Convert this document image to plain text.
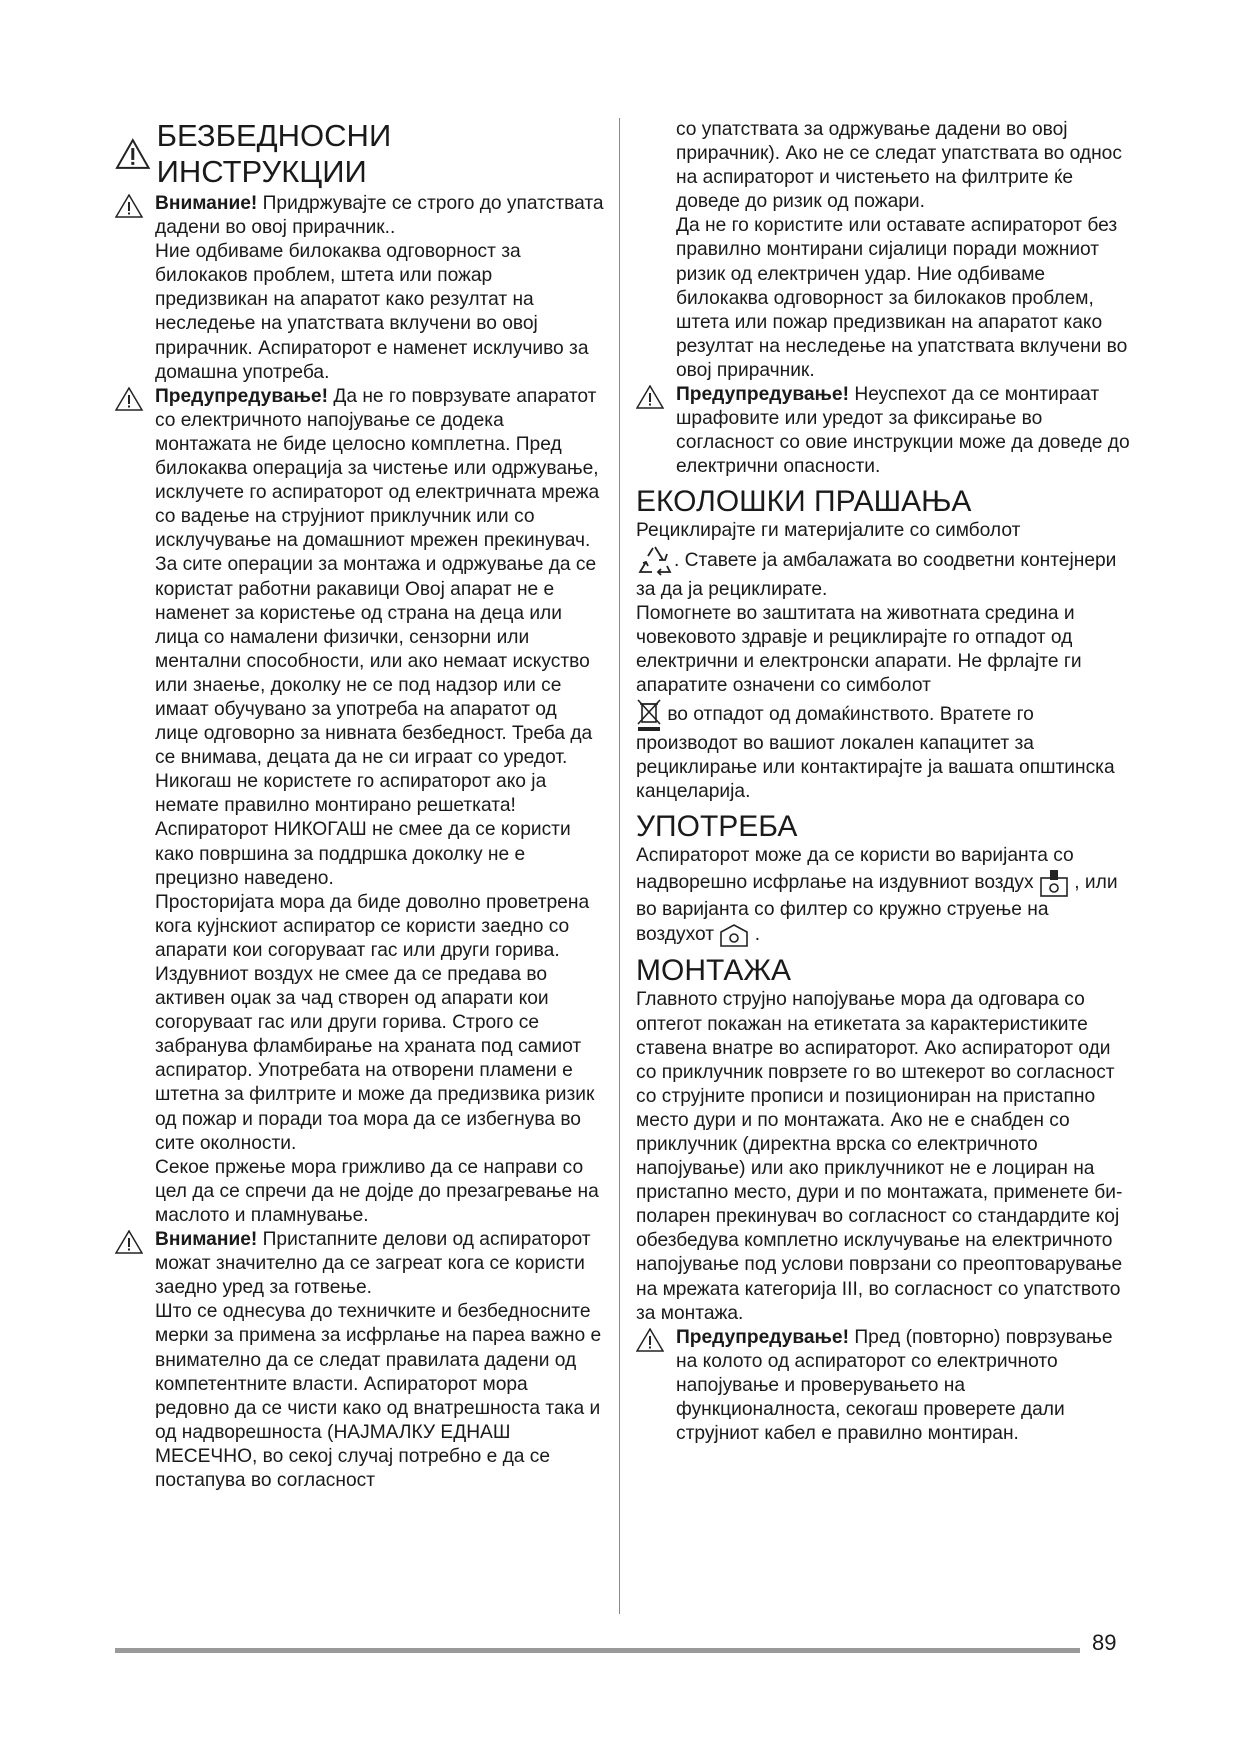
БЕЗБЕДНОСНИ ИНСТРУКЦИИ

Внимание! Придржувајте се строго до упатствата дадени во овој прирачник..

Ние одбиваме билокаква одговорност за билокаков проблем, штета или пожар предизвикан на апаратот како резултат на неследење на упатствата вклучени во овој прирачник. Аспираторот е наменет исклучиво за домашна употреба.

Предупредување! Да не го поврзувате апаратот со електричното напојување се додека монтажата не биде целосно комплетна. Пред билокаква операција за чистење или одржување, исклучете го аспираторот од електричната мрежа со вадење на струјниот приклучник или со исклучување на домашниот мрежен прекинувач.

За сите операции за монтажа и одржување да се користат работни ракавици Овој апарат не е наменет за користење од страна на деца или лица со намалени физички, сензорни или ментални способности, или ако немаат искуство или знаење, доколку не се под надзор или се имаат обучувано за употреба на апаратот од лице одговорно за нивната безбедност. Треба да се внимава, децата да не си играат со уредот. Никогаш не користете го аспираторот ако ја немате правилно монтирано решетката!

Аспираторот НИКОГАШ не смее да се користи како површина за поддршка доколку не е прецизно наведено.

Просторијата мора да биде доволно проветрена кога кујнскиот аспиратор се користи заедно со апарати кои согоруваат гас или други горива. Издувниот воздух не смее да се предава во активен оџак за чад створен од апарати кои согоруваат гас или други горива. Строго се забранува фламбирање на храната под самиот аспиратор. Употребата на отворени пламени е штетна за филтрите и може да предизвика ризик од пожар и поради тоа мора да се избегнува во сите околности.

Секое пржење мора грижливо да се направи со цел да се спречи да не дојде до презагревање на маслото и пламнување.

Внимание! Пристапните делови од аспираторот можат значително да се загреат кога се користи заедно уред за готвење.

Што се однесува до техничките и безбедносните мерки за примена за исфрлање на пареа важно е внимателно да се следат правилата дадени од компетентните власти. Аспираторот мора редовно да се чисти како од внатрешноста така и од надворешноста (НАЈМАЛКУ ЕДНАШ МЕСЕЧНО, во секој случај потребно е да се постапува во согласност

со упатствата за одржување дадени во овој прирачник). Ако не се следат упатствата во однос на аспираторот и чистењето на филтрите ќе доведе до ризик од пожари.

Да не го користите или оставате аспираторот без правилно монтирани сијалици поради можниот ризик од електричен удар. Ние одбиваме билокаква одговорност за билокаков проблем, штета или пожар предизвикан на апаратот како резултат на неследење на упатствата вклучени во овој прирачник.

Предупредување! Неуспехот да се монтираат шрафовите или уредот за фиксирање во согласност со овие инструкции може да доведе до електрични опасности.

ЕКОЛОШКИ ПРАШАЊА

Рециклирајте ги материјалите со симболот

. Ставете ја амбалажата во соодветни контејнери за да ја рециклирате.

Помогнете во заштитата на животната средина и човековото здравје и рециклирајте го отпадот од електрични и електронски апарати. Не фрлајте ги апаратите означени со симболот

во отпадот од домаќинството. Вратете го производот во вашиот локален капацитет за рециклирање или контактирајте ја вашата општинска канцеларија.

УПОТРЕБА

Аспираторот може да се користи во варијанта со надворешно исфрлање на издувниот воздух  , или во варијанта со филтер со кружно струење на воздухот  .

МОНТАЖА

Главното струјно напојување мора да одговара со оптегот покажан на етикетата за карактеристиките ставена внатре во аспираторот. Ако аспираторот оди со приклучник поврзете го во штекерот во согласност со струјните прописи и позициониран на пристапно место дури и по монтажата. Ако не е снабден со приклучник (директна врска со електричното напојување) или ако приклучникот не е лоциран на пристапно место, дури и по монтажата, применете би-поларен прекинувач во согласност со стандардите кој обезбедува комплетно исклучување на електричното напојување под услови поврзани со преоптоварување на мрежата категорија III, во согласност со упатството за монтажа.

Предупредување! Пред (повторно) поврзување на колото од аспираторот со електричното напојување и проверувањето на функционалноста, секогаш проверете дали струјниот кабел е правилно монтиран.

89
